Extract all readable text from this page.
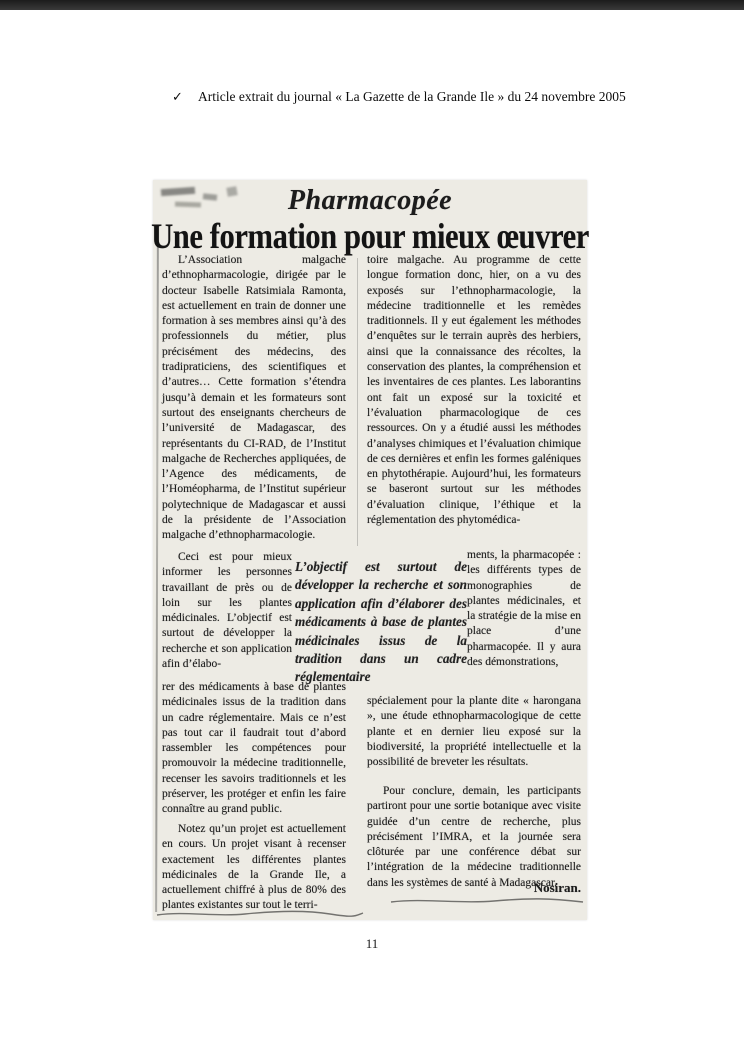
✓ Article extrait du journal « La Gazette de la Grande Ile » du 24 novembre 2005
Pharmacopée
Une formation pour mieux œuvrer
L’Association malgache d’ethnopharmacologie, dirigée par le docteur Isabelle Ratsimiala Ramonta, est actuellement en train de donner une formation à ses membres ainsi qu’à des professionnels du métier, plus précisément des médecins, des tradipraticiens, des scientifiques et d’autres… Cette formation s’étendra jusqu’à demain et les formateurs sont surtout des enseignants chercheurs de l’université de Madagascar, des représentants du CI-RAD, de l’Institut malgache de Recherches appliquées, de l’Agence des médicaments, de l’Homéopharma, de l’Institut supérieur polytechnique de Madagascar et aussi de la présidente de l’Association malgache d’ethnopharmacologie.
Ceci est pour mieux informer les personnes travaillant de près ou de loin sur les plantes médicinales. L’objectif est surtout de développer la recherche et son application afin d’élabo-
rer des médicaments à base de plantes médicinales issus de la tradition dans un cadre réglementaire. Mais ce n’est pas tout car il faudrait tout d’abord rassembler les compétences pour promouvoir la médecine traditionnelle, recenser les savoirs traditionnels et les préserver, les protéger et enfin les faire connaître au grand public.
Notez qu’un projet est actuellement en cours. Un projet visant à recenser exactement les différentes plantes médicinales de la Grande Ile, a actuellement chiffré à plus de 80% des plantes existantes sur tout le terri-
L’objectif est surtout de développer la recherche et son application afin d’élaborer des médicaments à base de plantes médicinales issus de la tradition dans un cadre réglementaire
toire malgache. Au programme de cette longue formation donc, hier, on a vu des exposés sur l’ethnopharmacologie, la médecine traditionnelle et les remèdes traditionnels. Il y eut également les méthodes d’enquêtes sur le terrain auprès des herbiers, ainsi que la connaissance des récoltes, la conservation des plantes, la compréhension et les inventaires de ces plantes. Les laborantins ont fait un exposé sur la toxicité et l’évaluation pharmacologique de ces ressources. On y a étudié aussi les méthodes d’analyses chimiques et l’évaluation chimique de ces dernières et enfin les formes galéniques en phytothérapie. Aujourd’hui, les formateurs se baseront surtout sur les méthodes d’évaluation clinique, l’éthique et la réglementation des phytomédica-
ments, la pharmacopée : les différents types de monographies de plantes médicinales, et la stratégie de la mise en place d’une pharmacopée. Il y aura des démonstrations,
spécialement pour la plante dite « harongana », une étude ethnopharmacologique de cette plante et en dernier lieu exposé sur la biodiversité, la propriété intellectuelle et la possibilité de breveter les résultats.
Pour conclure, demain, les participants partiront pour une sortie botanique avec visite guidée d’un centre de recherche, plus précisément l’IMRA, et la journée sera clôturée par une conférence débat sur l’intégration de la médecine traditionnelle dans les systèmes de santé à Madagascar.
Nosiran.
11
